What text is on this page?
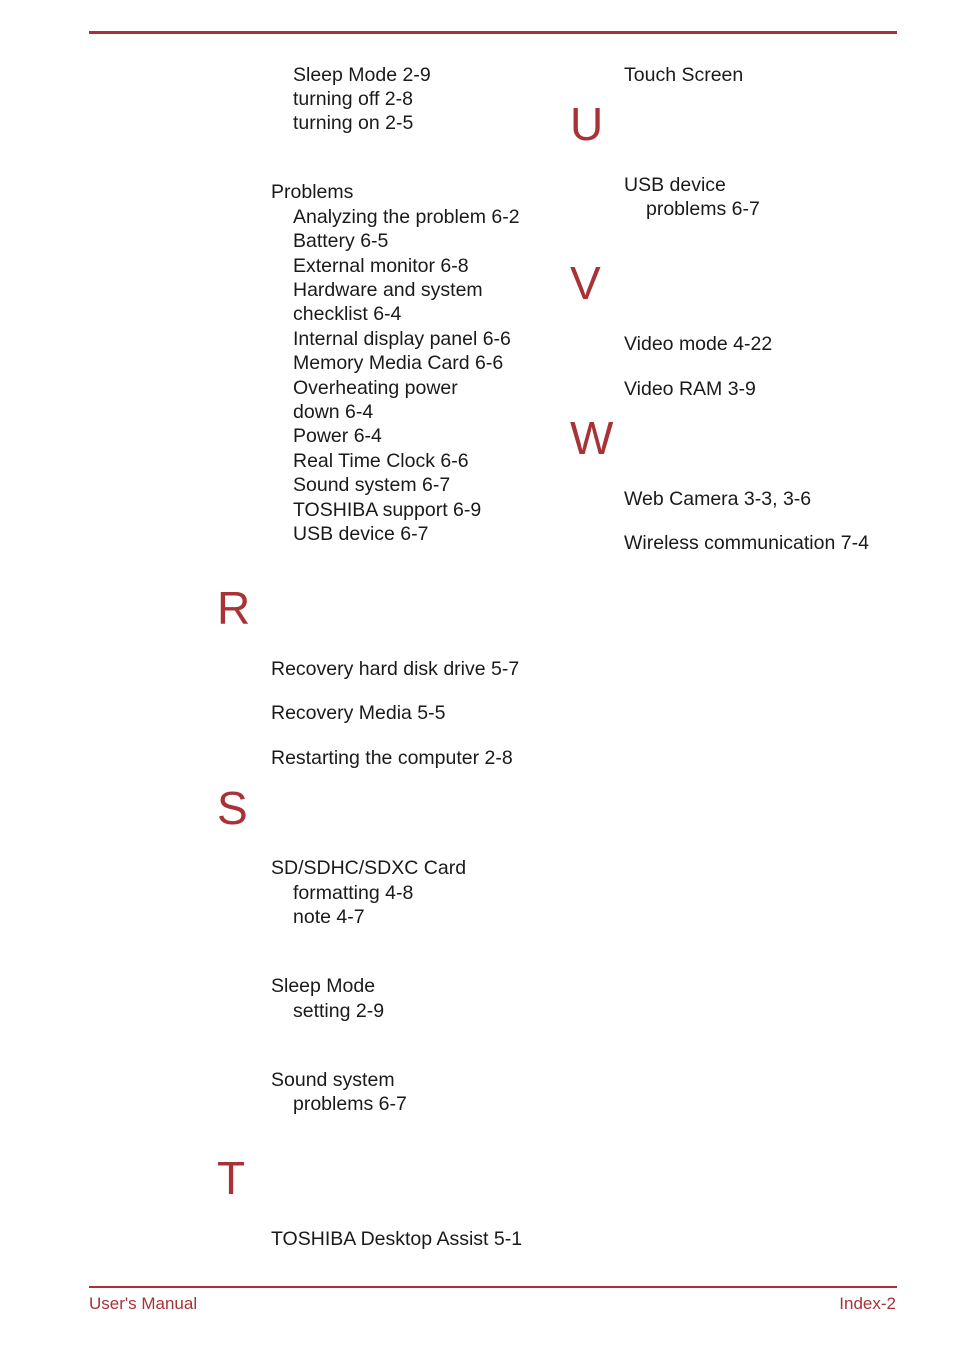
Sleep Mode 2-9
turning off 2-8
turning on 2-5
Problems
Analyzing the problem 6-2
Battery 6-5
External monitor 6-8
Hardware and system
checklist 6-4
Internal display panel 6-6
Memory Media Card 6-6
Overheating power
down 6-4
Power 6-4
Real Time Clock 6-6
Sound system 6-7
TOSHIBA support 6-9
USB device 6-7
R
Recovery hard disk drive 5-7
Recovery Media 5-5
Restarting the computer 2-8
S
SD/SDHC/SDXC Card
formatting 4-8
note 4-7
Sleep Mode
setting 2-9
Sound system
problems 6-7
T
TOSHIBA Desktop Assist 5-1
Touch Screen
U
USB device
problems 6-7
V
Video mode 4-22
Video RAM 3-9
W
Web Camera 3-3, 3-6
Wireless communication 7-4
User's Manual	Index-2
